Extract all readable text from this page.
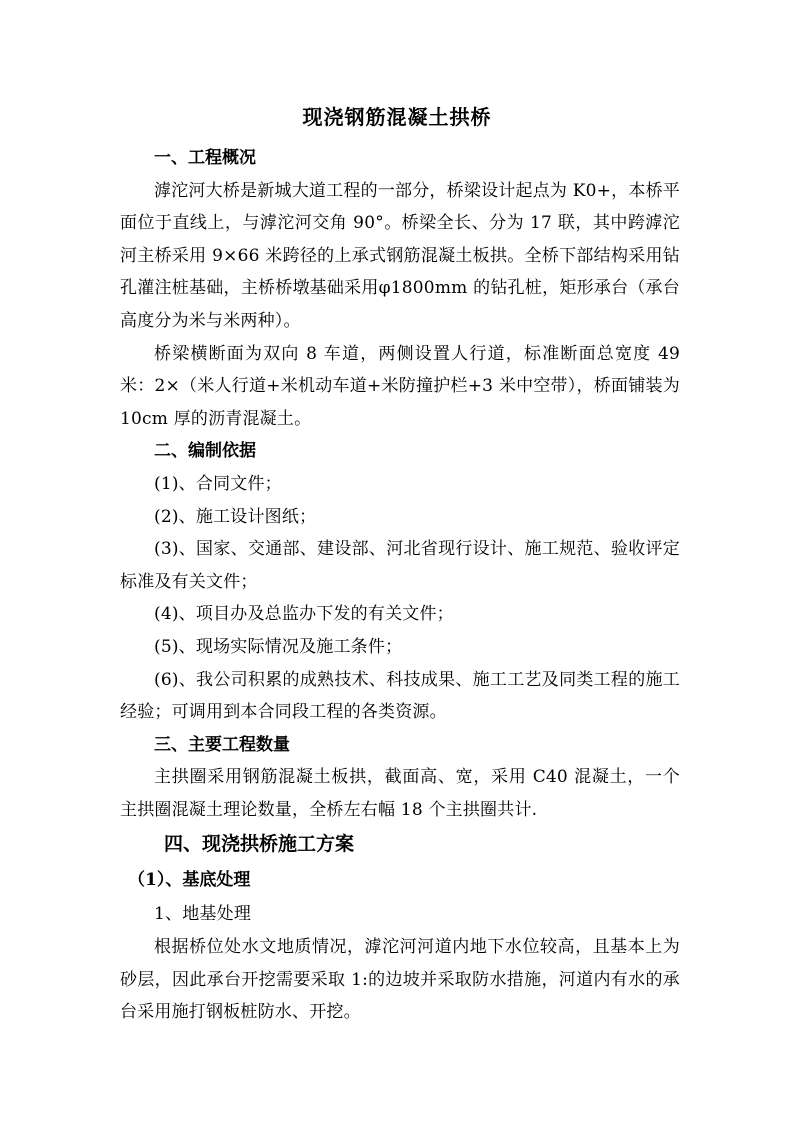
现浇钢筋混凝土拱桥

一、工程概况

滹沱河大桥是新城大道工程的一部分，桥梁设计起点为 K0+，本桥平面位于直线上，与滹沱河交角 90°。桥梁全长、分为 17 联，其中跨滹沱河主桥采用 9×66 米跨径的上承式钢筋混凝土板拱。全桥下部结构采用钻孔灌注桩基础，主桥桥墩基础采用φ1800mm 的钻孔桩，矩形承台（承台高度分为米与米两种）。

桥梁横断面为双向 8 车道，两侧设置人行道，标准断面总宽度 49 米：2×（米人行道+米机动车道+米防撞护栏+3 米中空带），桥面铺装为 10cm 厚的沥青混凝土。

二、编制依据

(1)、合同文件；

(2)、施工设计图纸；

(3)、国家、交通部、建设部、河北省现行设计、施工规范、验收评定标准及有关文件；

(4)、项目办及总监办下发的有关文件；

(5)、现场实际情况及施工条件；

(6)、我公司积累的成熟技术、科技成果、施工工艺及同类工程的施工经验；可调用到本合同段工程的各类资源。

三、主要工程数量

主拱圈采用钢筋混凝土板拱，截面高、宽，采用 C40 混凝土，一个主拱圈混凝土理论数量，全桥左右幅 18 个主拱圈共计.

四、现浇拱桥施工方案

（1）、基底处理

1、地基处理

根据桥位处水文地质情况，滹沱河河道内地下水位较高，且基本上为砂层，因此承台开挖需要采取 1:的边坡并采取防水措施，河道内有水的承台采用施打钢板桩防水、开挖。
